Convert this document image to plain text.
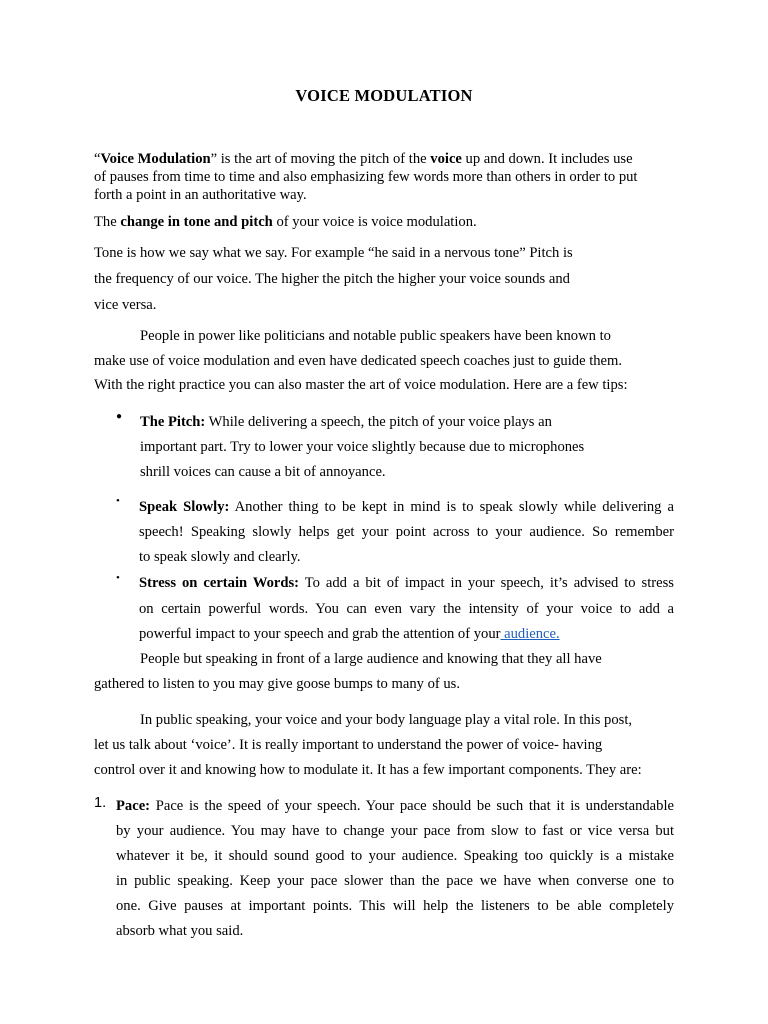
VOICE MODULATION
“Voice Modulation” is the art of moving the pitch of the voice up and down. It includes use
of pauses from time to time and also emphasizing few words more than others in order to put
forth a point in an authoritative way.
The change in tone and pitch of your voice is voice modulation.
Tone is how we say what we say. For example “he said in a nervous tone” Pitch is
the frequency of our voice. The higher the pitch the higher your voice sounds and
vice versa.
People in power like politicians and notable public speakers have been known to
make use of voice modulation and even have dedicated speech coaches just to guide them.
With the right practice you can also master the art of voice modulation. Here are a few tips:
● The Pitch: While delivering a speech, the pitch of your voice plays an
important part. Try to lower your voice slightly because due to microphones
shrill voices can cause a bit of annoyance.
• Speak Slowly: Another thing to be kept in mind is to speak slowly while delivering a
speech! Speaking slowly helps get your point across to your audience. So remember
to speak slowly and clearly.
• Stress on certain Words: To add a bit of impact in your speech, it’s advised to stress
on certain powerful words. You can even vary the intensity of your voice to add a
powerful impact to your speech and grab the attention of your audience.
People but speaking in front of a large audience and knowing that they all have
gathered to listen to you may give goose bumps to many of us.
In public speaking, your voice and your body language play a vital role. In this post,
let us talk about ‘voice’. It is really important to understand the power of voice- having
control over it and knowing how to modulate it. It has a few important components. They are:
1. Pace: Pace is the speed of your speech. Your pace should be such that it is understandable
by your audience. You may have to change your pace from slow to fast or vice versa but
whatever it be, it should sound good to your audience. Speaking too quickly is a mistake
in public speaking. Keep your pace slower than the pace we have when converse one to
one. Give pauses at important points. This will help the listeners to be able completely
absorb what you said.
